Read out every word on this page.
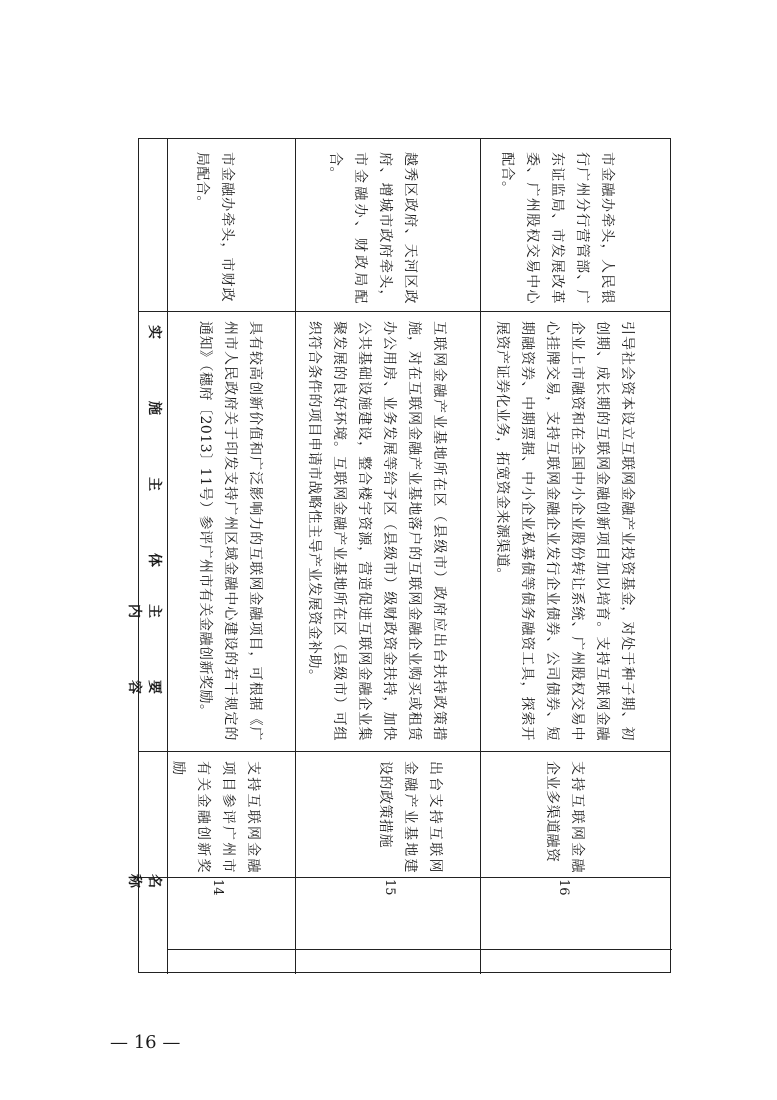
实　施　主　体
主　要　内　容
名　称
市金融办牵头，市财政局配合。
具有较高创新价值和广泛影响力的互联网金融项目，可根据《广州市人民政府关于印发支持广州区域金融中心建设的若干规定的通知》（穗府〔2013〕11号）参评广州市有关金融创新奖励。
支持互联网金融项目参评广州市有关金融创新奖励
14
越秀区政府、天河区政府、增城市政府牵头，市金融办、财政局配合。
互联网金融产业基地所在区（县级市）政府应出台扶持政策措施，对在互联网金融产业基地落户的互联网金融企业购买或租赁办公用房、业务发展等给予区（县级市）级财政资金扶持，加快公共基础设施建设，整合楼宇资源，营造促进互联网金融企业集聚发展的良好环境。互联网金融产业基地所在区（县级市）可组织符合条件的项目申请市战略性主导产业发展资金补助。
出台支持互联网金融产业基地建设的政策措施
15
市金融办牵头，人民银行广州分行营管部、广东证监局、市发展改革委、广州股权交易中心配合。
引导社会资本设立互联网金融产业投资基金，对处于种子期、初创期、成长期的互联网金融创新项目加以培育。支持互联网金融企业上市融资和在全国中小企业股份转让系统、广州股权交易中心挂牌交易，支持互联网金融企业发行企业债券、公司债券、短期融资券、中期票据、中小企业私募债等债务融资工具，探索开展资产证券化业务，拓宽资金来源渠道。
支持互联网金融企业多渠道融资
16
— 16 —
